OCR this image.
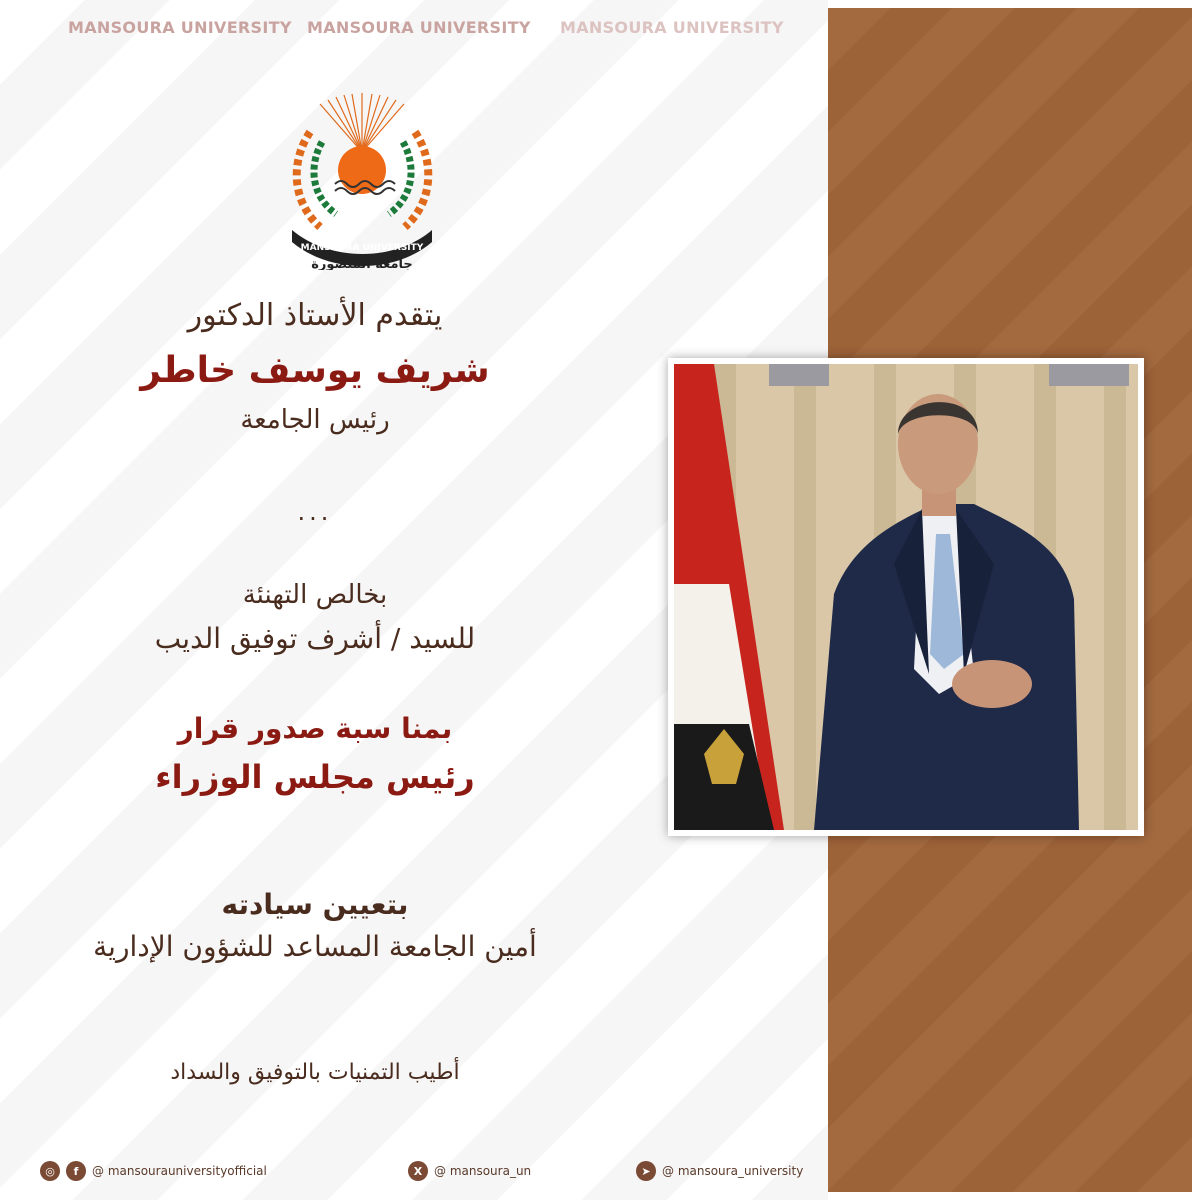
MANSOURA UNIVERSITY MANSOURA UNIVERSITY MANSOURA UNIVERSITY
MANSOURA UNIVERSITY
جامعة المنصورة
يتقدم الأستاذ الدكتور
شريف يوسف خاطر
رئيس الجامعة
...
بخالص التهنئة
للسيد / أشرف توفيق الديب
بمنا سبة صدور قرار
رئيس مجلس الوزراء
بتعيين سيادته
أمين الجامعة المساعد للشؤون الإدارية
أطيب التمنيات بالتوفيق والسداد
◎	f	@ mansourauniversityofficial	X @ mansoura_un	➤ @ mansoura_university
